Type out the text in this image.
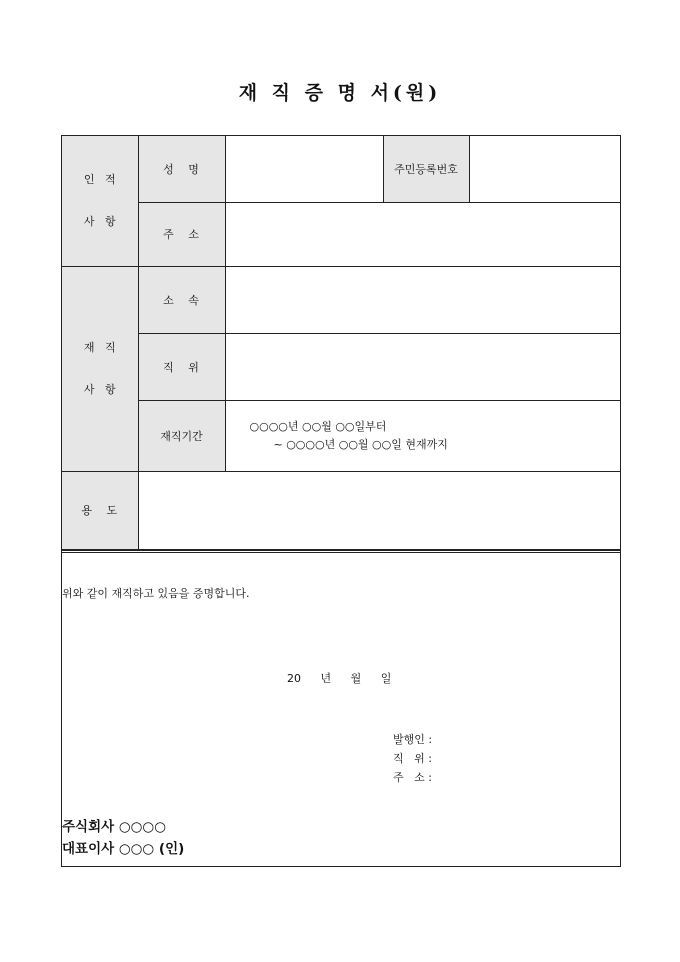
재 직 증 명 서(원)
인   적
사   항	성   명		주민등록번호	
	주   소			

재   직
사   항	소   속			
	직   위			
	재직기간	○○○○년 ○○월 ○○일부터
~ ○○○○년 ○○월 ○○일 현재까지		

용   도				
위와 같이 재직하고 있음을 증명합니다.
20 년 월 일
발행인 :
직   위 :
주   소 :
주식회사 ○○○○
대표이사 ○○○ (인)
